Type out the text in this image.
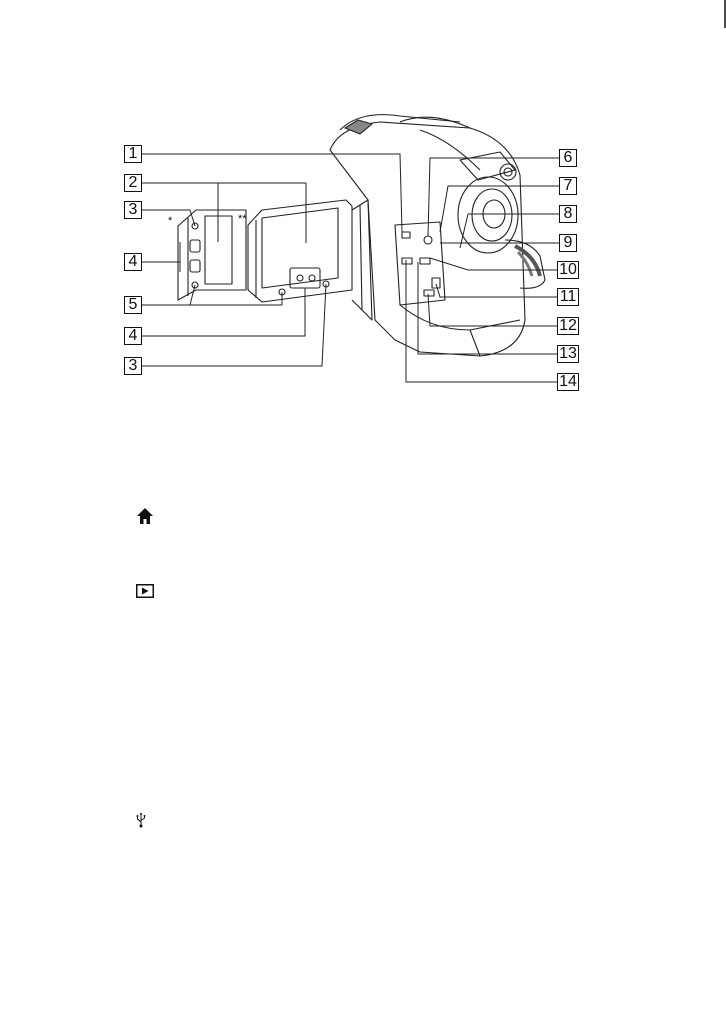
1
2
3
4
5
4
3
6
7
8
9
10
11
12
13
14
*	**
